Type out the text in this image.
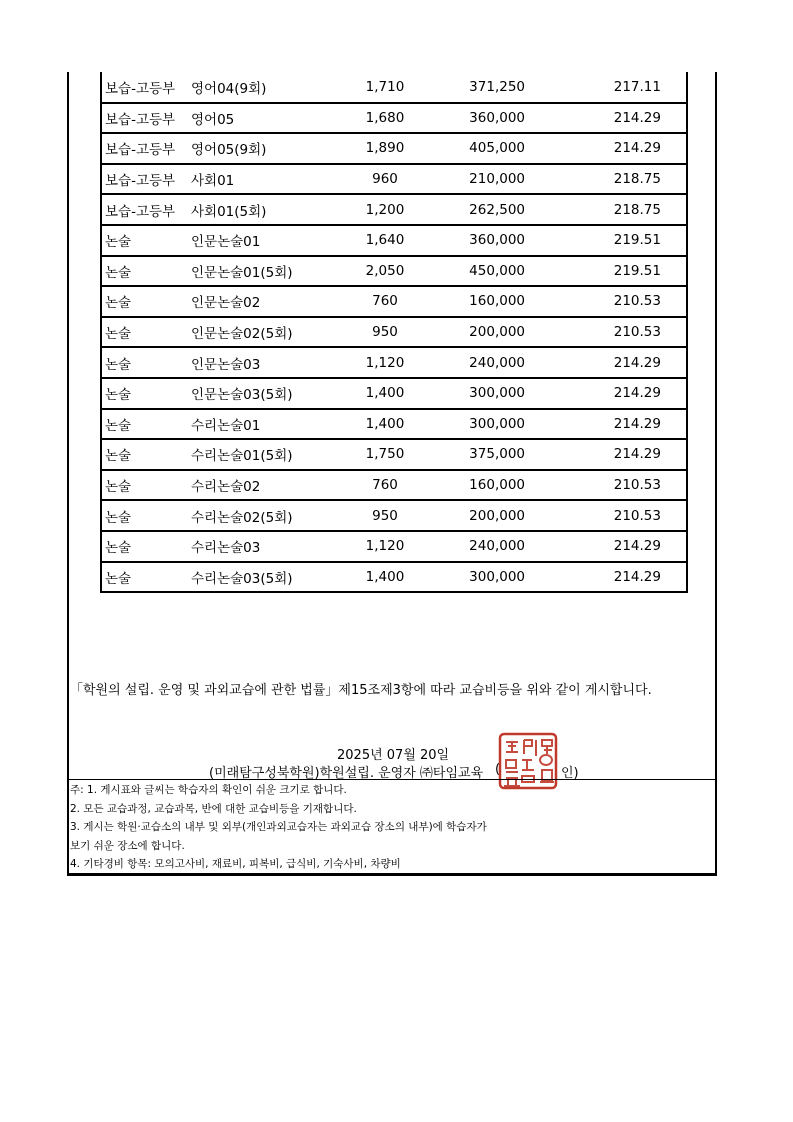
보습-고등부	영어04(9회)	1,710	371,250	217.11
보습-고등부	영어05	1,680	360,000	214.29
보습-고등부	영어05(9회)	1,890	405,000	214.29
보습-고등부	사회01	960	210,000	218.75
보습-고등부	사회01(5회)	1,200	262,500	218.75
논술	인문논술01	1,640	360,000	219.51
논술	인문논술01(5회)	2,050	450,000	219.51
논술	인문논술02	760	160,000	210.53
논술	인문논술02(5회)	950	200,000	210.53
논술	인문논술03	1,120	240,000	214.29
논술	인문논술03(5회)	1,400	300,000	214.29
논술	수리논술01	1,400	300,000	214.29
논술	수리논술01(5회)	1,750	375,000	214.29
논술	수리논술02	760	160,000	210.53
논술	수리논술02(5회)	950	200,000	210.53
논술	수리논술03	1,120	240,000	214.29
논술	수리논술03(5회)	1,400	300,000	214.29
「학원의 설립. 운영 및 과외교습에 관한 법률」제15조제3항에 따라 교습비등을 위와 같이 게시합니다.
2025년 07월 20일
(미래탐구성북학원)학원설립. 운영자 ㈜타임교육 (	인)
주: 1. 게시표와 글씨는 학습자의 확인이 쉬운 크기로 합니다.
2. 모든 교습과정, 교습과목, 반에 대한 교습비등을 기재합니다.
3. 게시는 학원·교습소의 내부 및 외부(개인과외교습자는 과외교습 장소의 내부)에 학습자가
보기 쉬운 장소에 합니다.
4. 기타경비 항목: 모의고사비, 재료비, 피복비, 급식비, 기숙사비, 차량비
